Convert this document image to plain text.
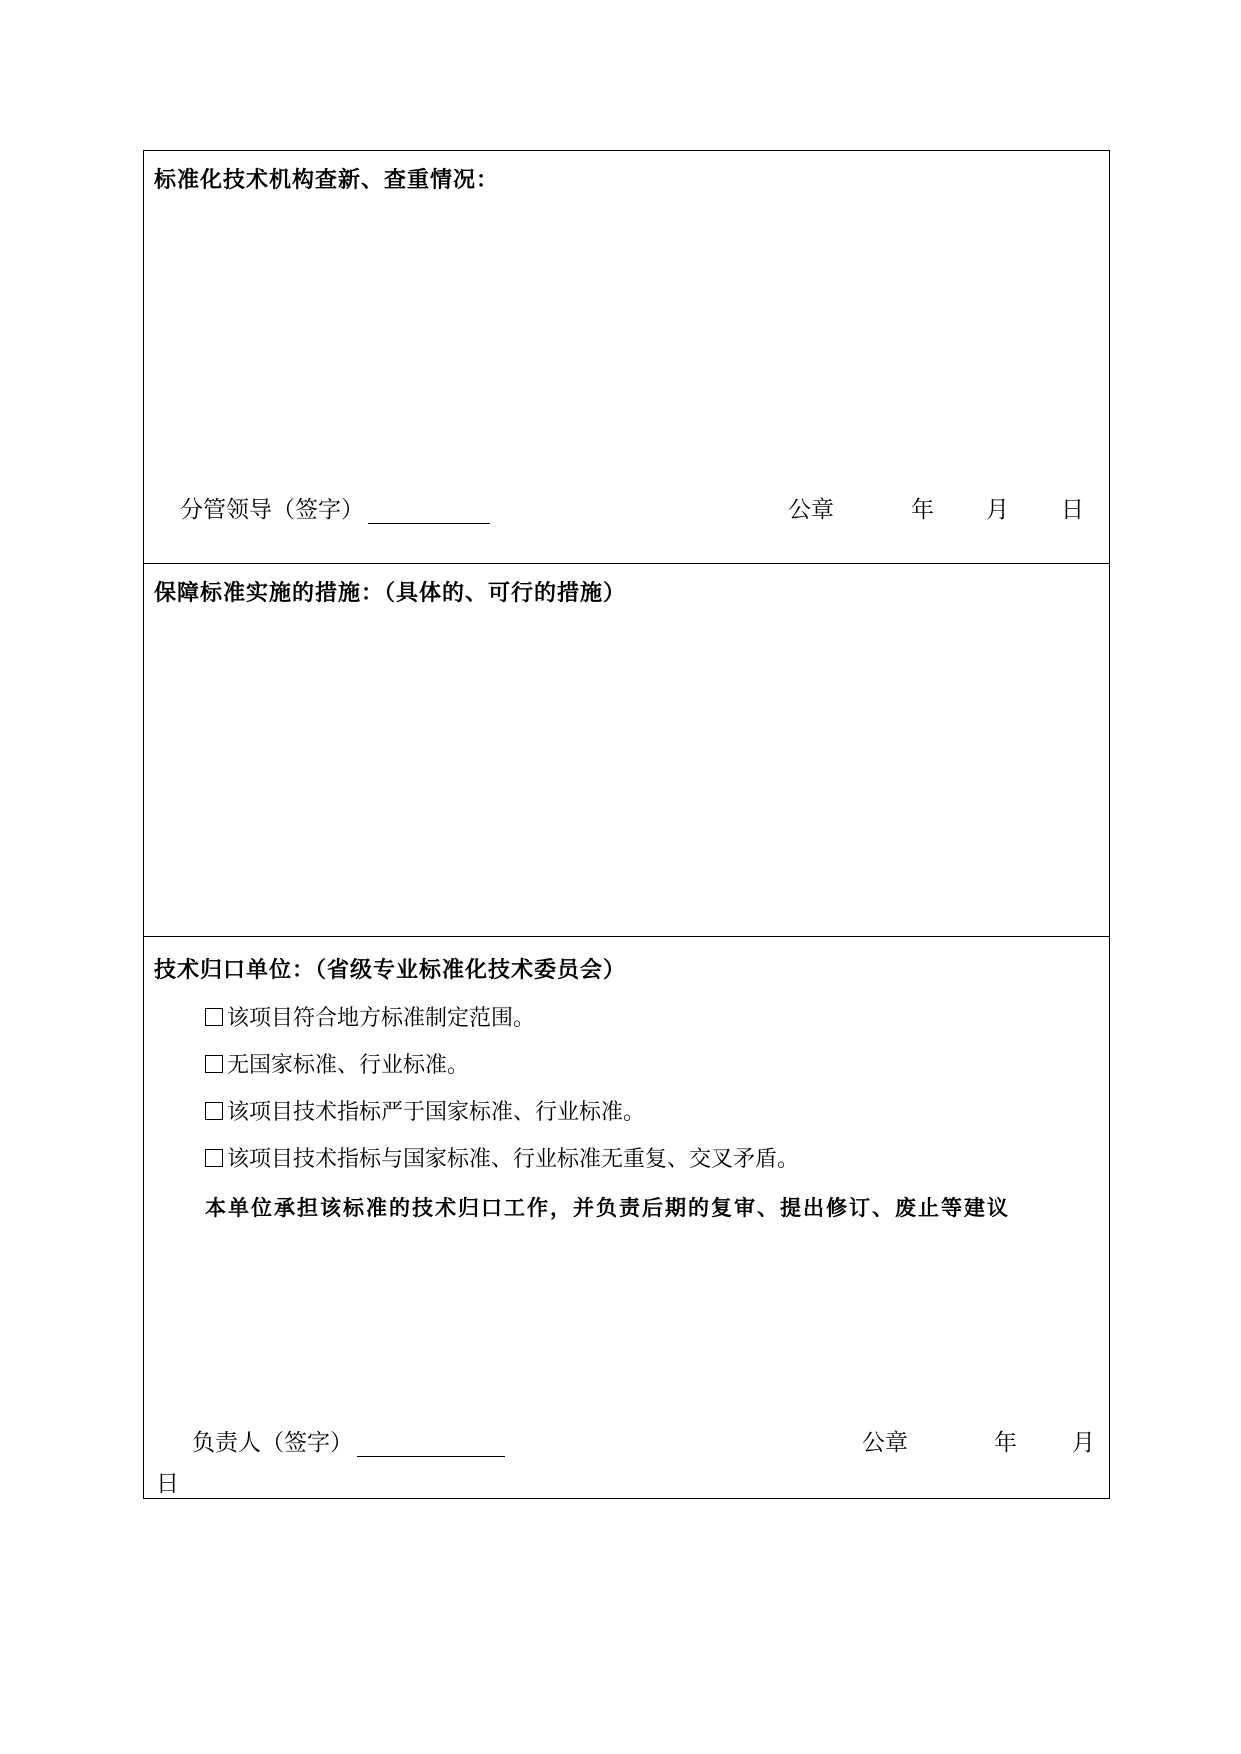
标准化技术机构查新、查重情况：
分管领导（签字）	公章	年 月 日
保障标准实施的措施：（具体的、可行的措施）
技术归口单位：（省级专业标准化技术委员会）
该项目符合地方标准制定范围。
无国家标准、行业标准。
该项目技术指标严于国家标准、行业标准。
该项目技术指标与国家标准、行业标准无重复、交叉矛盾。
本单位承担该标准的技术归口工作，并负责后期的复审、提出修订、废止等建议
负责人（签字）	公章	年 月
日
